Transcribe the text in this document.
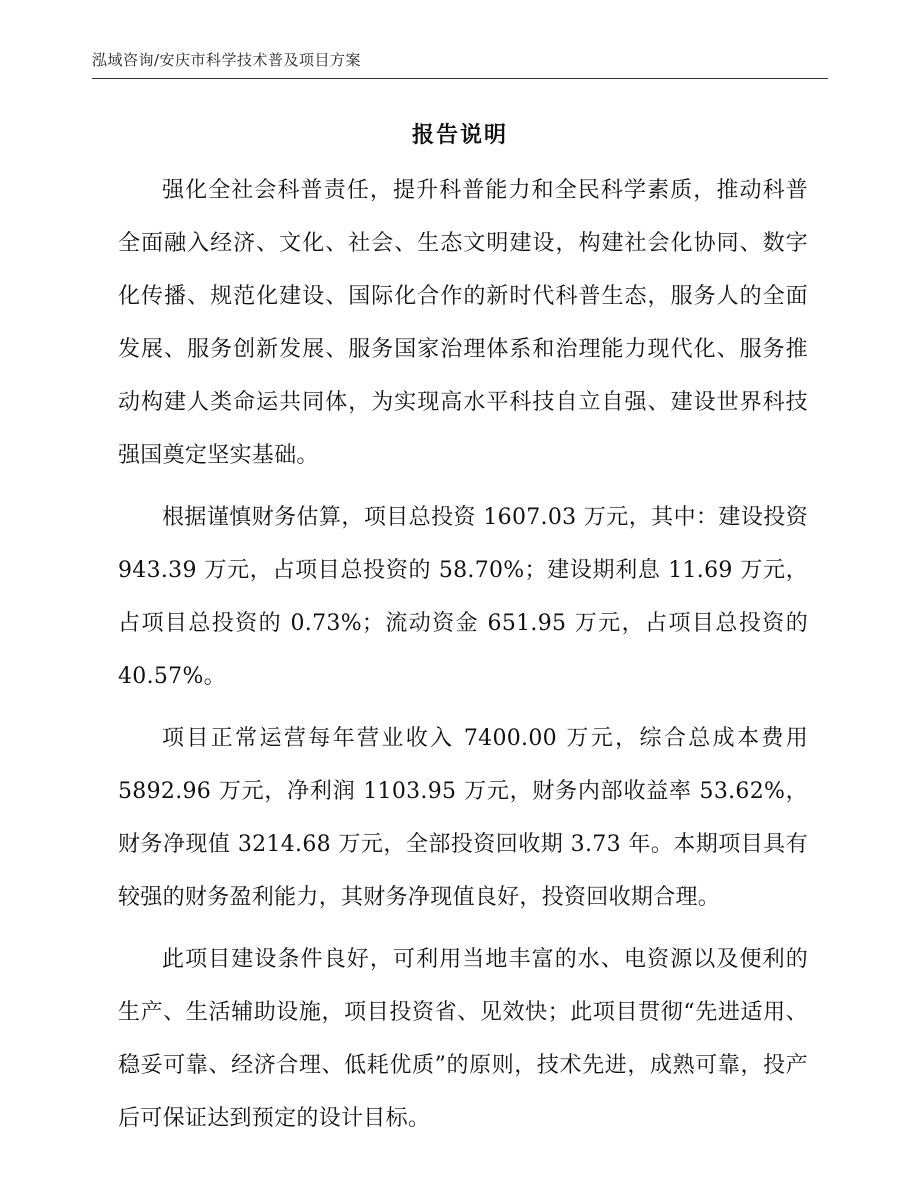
泓域咨询/安庆市科学技术普及项目方案
报告说明

强化全社会科普责任，提升科普能力和全民科学素质，推动科普全面融入经济、文化、社会、生态文明建设，构建社会化协同、数字化传播、规范化建设、国际化合作的新时代科普生态，服务人的全面发展、服务创新发展、服务国家治理体系和治理能力现代化、服务推动构建人类命运共同体，为实现高水平科技自立自强、建设世界科技强国奠定坚实基础。

根据谨慎财务估算，项目总投资 1607.03 万元，其中：建设投资 943.39 万元，占项目总投资的 58.70%；建设期利息 11.69 万元，占项目总投资的 0.73%；流动资金 651.95 万元，占项目总投资的 40.57%。

项目正常运营每年营业收入 7400.00 万元，综合总成本费用 5892.96 万元，净利润 1103.95 万元，财务内部收益率 53.62%，财务净现值 3214.68 万元，全部投资回收期 3.73 年。本期项目具有较强的财务盈利能力，其财务净现值良好，投资回收期合理。

此项目建设条件良好，可利用当地丰富的水、电资源以及便利的生产、生活辅助设施，项目投资省、见效快；此项目贯彻“先进适用、稳妥可靠、经济合理、低耗优质”的原则，技术先进，成熟可靠，投产后可保证达到预定的设计目标。
